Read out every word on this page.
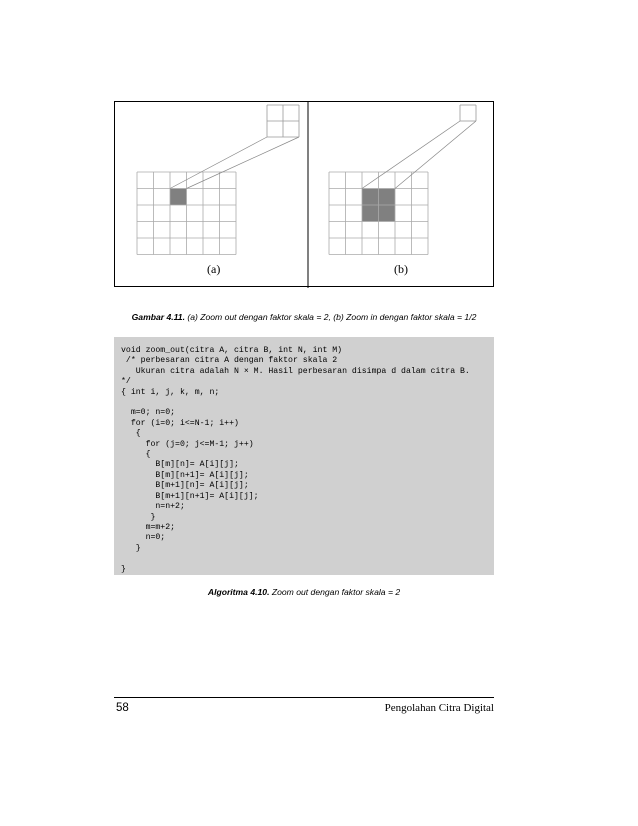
(a)	(b)
Gambar 4.11. (a) Zoom out dengan faktor skala = 2, (b) Zoom in dengan faktor skala = 1/2
void zoom_out(citra A, citra B, int N, int M)
/* perbesaran citra A dengan faktor skala 2
Ukuran citra adalah N × M. Hasil perbesaran disimpa d dalam citra B.
*/
{ int i, j, k, m, n;

m=0; n=0;
for (i=0; i<=N-1; i++)
{
for (j=0; j<=M-1; j++)
{
B[m][n]= A[i][j];
B[m][n+1]= A[i][j];
B[m+1][n]= A[i][j];
B[m+1][n+1]= A[i][j];
n=n+2;
}
m=m+2;
n=0;
}

}
Algoritma 4.10. Zoom out dengan faktor skala = 2
58	Pengolahan Citra Digital
